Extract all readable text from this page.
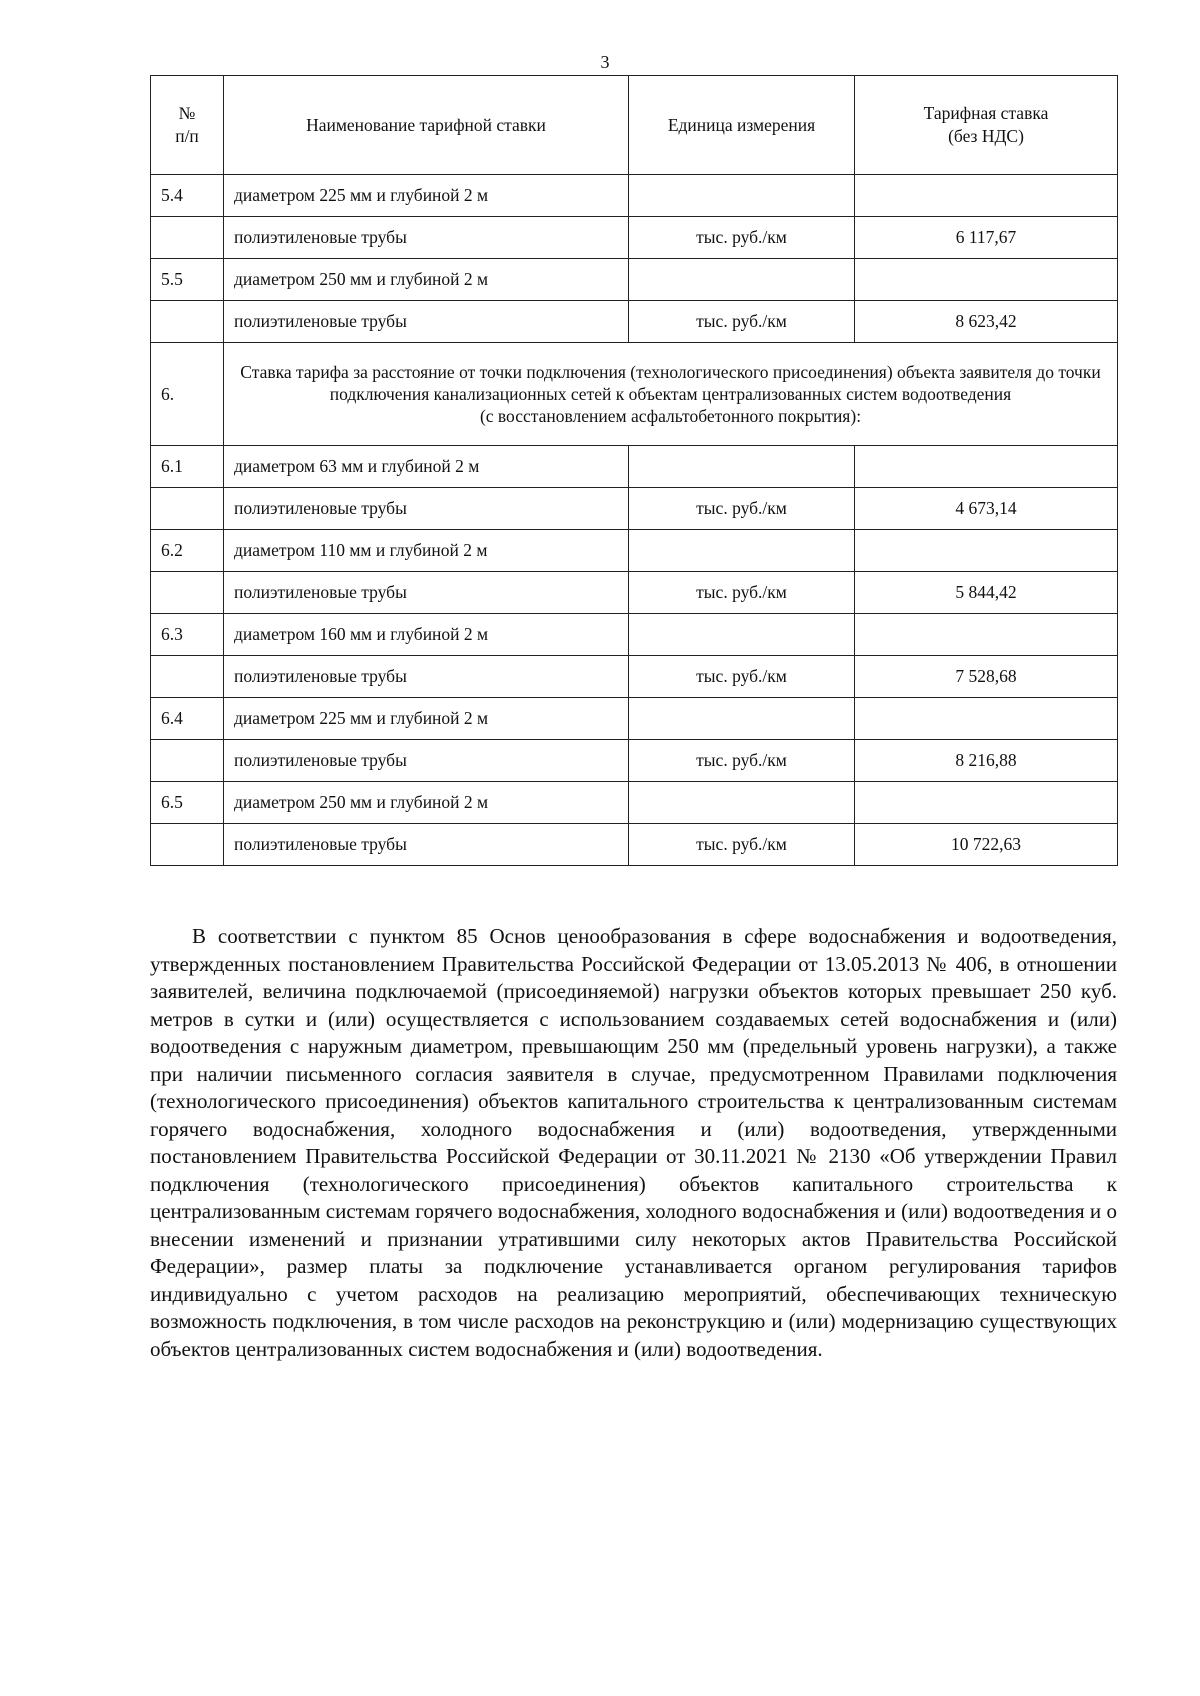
3
№
п/п	Наименование тарифной ставки	Единица измерения	Тарифная ставка
(без НДС)
5.4	диаметром 225 мм и глубиной 2 м		
	полиэтиленовые трубы	тыс. руб./км	6 117,67
5.5	диаметром 250 мм и глубиной 2 м		
	полиэтиленовые трубы	тыс. руб./км	8 623,42
6.	Ставка тарифа за расстояние от точки подключения (технологического присоединения) объекта заявителя до точки подключения канализационных сетей к объектам централизованных систем водоотведения
(с восстановлением асфальтобетонного покрытия):		
6.1	диаметром 63 мм и глубиной 2 м		
	полиэтиленовые трубы	тыс. руб./км	4 673,14
6.2	диаметром 110 мм и глубиной 2 м		
	полиэтиленовые трубы	тыс. руб./км	5 844,42
6.3	диаметром 160 мм и глубиной 2 м		
	полиэтиленовые трубы	тыс. руб./км	7 528,68
6.4	диаметром 225 мм и глубиной 2 м		
	полиэтиленовые трубы	тыс. руб./км	8 216,88
6.5	диаметром 250 мм и глубиной 2 м		
	полиэтиленовые трубы	тыс. руб./км	10 722,63

В соответствии с пунктом 85 Основ ценообразования в сфере водоснабжения и водоотведения, утвержденных постановлением Правительства Российской Федерации от 13.05.2013 № 406, в отношении заявителей, величина подключаемой (присоединяемой) нагрузки объектов которых превышает 250 куб. метров в сутки и (или) осуществляется с использованием создаваемых сетей водоснабжения и (или) водоотведения с наружным диаметром, превышающим 250 мм (предельный уровень нагрузки), а также при наличии письменного согласия заявителя в случае, предусмотренном Правилами подключения (технологического присоединения) объектов капитального строительства к централизованным системам горячего водоснабжения, холодного водоснабжения и (или) водоотведения, утвержденными постановлением Правительства Российской Федерации от 30.11.2021 № 2130 «Об утверждении Правил подключения (технологического присоединения) объектов капитального строительства к централизованным системам горячего водоснабжения, холодного водоснабжения и (или) водоотведения и о внесении изменений и признании утратившими силу некоторых актов Правительства Российской Федерации», размер платы за подключение устанавливается органом регулирования тарифов индивидуально с учетом расходов на реализацию мероприятий, обеспечивающих техническую возможность подключения, в том числе расходов на реконструкцию и (или) модернизацию существующих объектов централизованных систем водоснабжения и (или) водоотведения.
